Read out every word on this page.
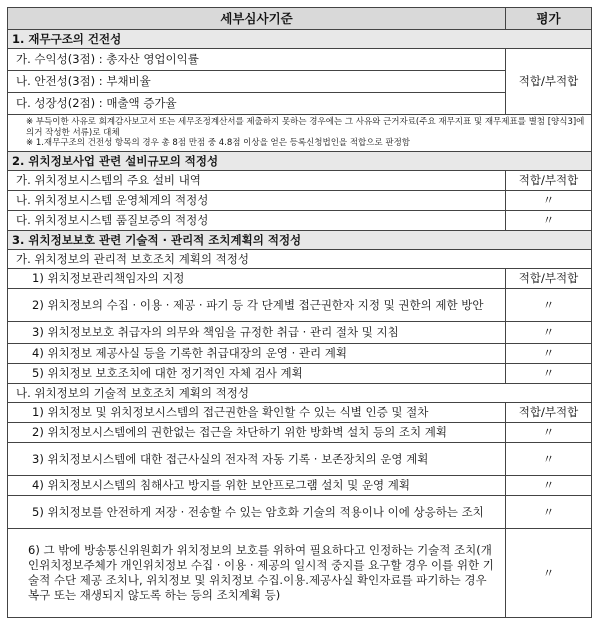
세부심사기준	평가
1. 재무구조의 건전성	
가. 수익성(3점) : 총자산 영업이익률	적합/부적합
나. 안전성(3점) : 부채비율	
다. 성장성(2점) : 매출액 증가율	

※ 부득이한 사유로 회계감사보고서 또는 세무조정계산서를 제출하지 못하는 경우에는 그 사유와 근거자료(주요 재무지표 및 재무제표를 별첨 [양식3]에 의거 작성한 서류)로 대체
※ 1.재무구조의 건전성 항목의 경우 총 8점 만점 중 4.8점 이상을 얻은 등록신청법인을 적합으로 판정함	

2. 위치정보사업 관련 설비규모의 적정성	
가. 위치정보시스템의 주요 설비 내역	적합/부적합
나. 위치정보시스템 운영체계의 적정성	〃
다. 위치정보시스템 품질보증의 적정성	〃
3. 위치정보보호 관련 기술적 · 관리적 조치계획의 적정성	
가. 위치정보의 관리적 보호조치 계획의 적정성	
1) 위치정보관리책임자의 지정	적합/부적합
2) 위치정보의 수집 · 이용 · 제공 · 파기 등 각 단계별 접근권한자 지정 및 권한의 제한 방안	〃
3) 위치정보보호 취급자의 의무와 책임을 규정한 취급 · 관리 절차 및 지침	〃
4) 위치정보 제공사실 등을 기록한 취급대장의 운영 · 관리 계획	〃
5) 위치정보 보호조치에 대한 정기적인 자체 검사 계획	〃
나. 위치정보의 기술적 보호조치 계획의 적정성	
1) 위치정보 및 위치정보시스템의 접근권한을 확인할 수 있는 식별 인증 및 절차	적합/부적합
2) 위치정보시스템에의 권한없는 접근을 차단하기 위한 방화벽 설치 등의 조치 계획	〃
3) 위치정보시스템에 대한 접근사실의 전자적 자동 기록 · 보존장치의 운영 계획	〃
4) 위치정보시스템의 침해사고 방지를 위한 보안프로그램 설치 및 운영 계획	〃
5) 위치정보를 안전하게 저장 · 전송할 수 있는 암호화 기술의 적용이나 이에 상응하는 조치	〃
6) 그 밖에 방송통신위원회가 위치정보의 보호를 위하여 필요하다고 인정하는 기술적 조치(개인위치정보주체가 개인위치정보 수집 · 이용 · 제공의 일시적 중지를 요구할 경우 이를 위한 기술적 수단 제공 조치나, 위치정보 및 위치정보 수집.이용.제공사실 확인자료를 파기하는 경우 복구 또는 재생되지 않도록 하는 등의 조치계획 등)	〃
